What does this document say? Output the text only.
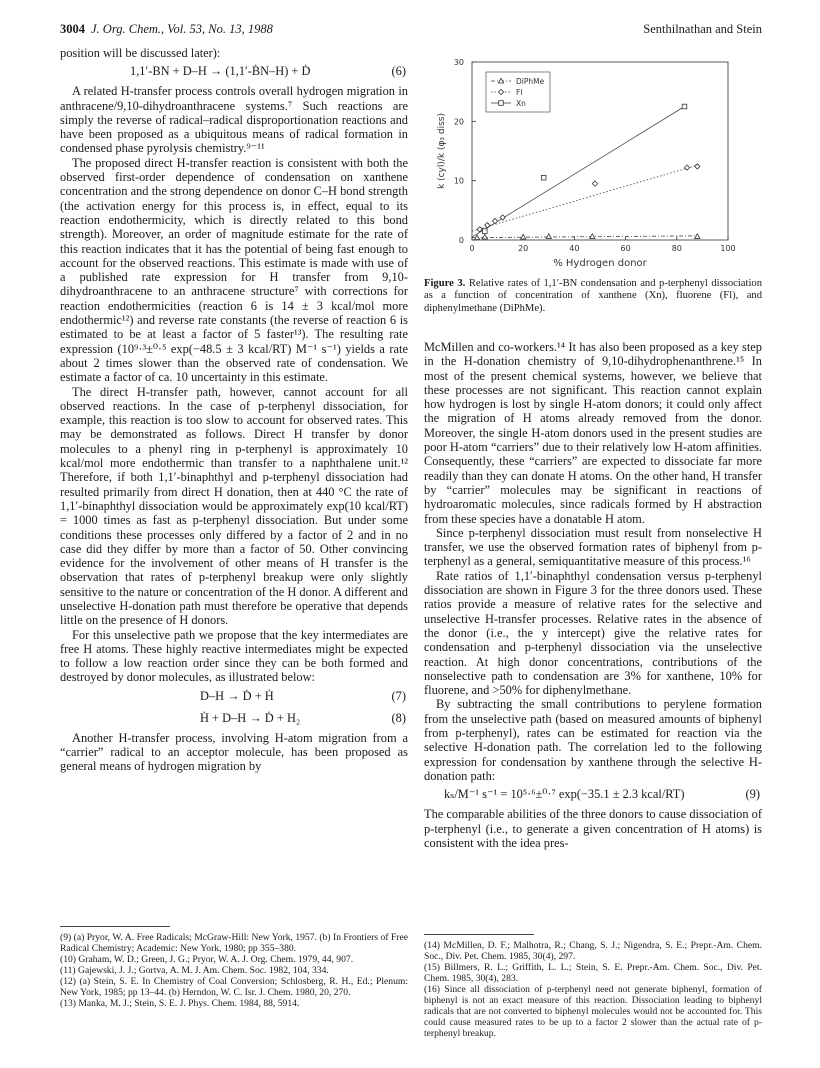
3004 J. Org. Chem., Vol. 53, No. 13, 1988	Senthilnathan and Stein

position will be discussed later):

1,1′-BN + D–H → (1,1′-ḂN–H) + Ḋ	(6)

A related H-transfer process controls overall hydrogen migration in anthracene/9,10-dihydroanthracene systems.⁷ Such reactions are simply the reverse of radical–radical disproportionation reactions and have been proposed as a ubiquitous means of radical formation in condensed phase pyrolysis chemistry.⁹⁻¹¹

The proposed direct H-transfer reaction is consistent with both the observed first-order dependence of condensation on xanthene concentration and the strong dependence on donor C–H bond strength (the activation energy for this process is, in effect, equal to its reaction endothermicity, which is directly related to this bond strength). Moreover, an order of magnitude estimate for the rate of this reaction indicates that it has the potential of being fast enough to account for the observed reactions. This estimate is made with use of a published rate expression for H transfer from 9,10-dihydroanthracene to an anthracene structure⁷ with corrections for reaction endothermicities (reaction 6 is 14 ± 3 kcal/mol more endothermic¹²) and reverse rate constants (the reverse of reaction 6 is estimated to be at least a factor of 5 faster¹³). The resulting rate expression (10⁹·³±⁰·⁵ exp(−48.5 ± 3 kcal/RT) M⁻¹ s⁻¹) yields a rate about 2 times slower than the observed rate of condensation. We estimate a factor of ca. 10 uncertainty in this estimate.

The direct H-transfer path, however, cannot account for all observed reactions. In the case of p-terphenyl dissociation, for example, this reaction is too slow to account for observed rates. This may be demonstrated as follows. Direct H transfer by donor molecules to a phenyl ring in p-terphenyl is approximately 10 kcal/mol more endothermic than transfer to a naphthalene unit.¹² Therefore, if both 1,1′-binaphthyl and p-terphenyl dissociation had resulted primarily from direct H donation, then at 440 °C the rate of 1,1′-binaphthyl dissociation would be approximately exp(10 kcal/RT) = 1000 times as fast as p-terphenyl dissociation. But under some conditions these processes only differed by a factor of 2 and in no case did they differ by more than a factor of 50. Other convincing evidence for the involvement of other means of H transfer is the observation that rates of p-terphenyl breakup were only slightly sensitive to the nature or concentration of the H donor. A different and unselective H-donation path must therefore be operative that depends little on the presence of H donors.

For this unselective path we propose that the key intermediates are free H atoms. These highly reactive intermediates might be expected to follow a low reaction order since they can be both formed and destroyed by donor molecules, as illustrated below:

D–H → Ḋ + Ḣ	(7)
Ḣ + D–H → Ḋ + H₂	(8)

Another H-transfer process, involving H-atom migration from a “carrier” radical to an acceptor molecule, has been proposed as general means of hydrogen migration by

(9) (a) Pryor, W. A. Free Radicals; McGraw-Hill: New York, 1957. (b) In Frontiers of Free Radical Chemistry; Academic: New York, 1980; pp 355–380.
(10) Graham, W. D.; Green, J. G.; Pryor, W. A. J. Org. Chem. 1979, 44, 907.
(11) Gajewski, J. J.; Gortva, A. M. J. Am. Chem. Soc. 1982, 104, 334.
(12) (a) Stein, S. E. In Chemistry of Coal Conversion; Schlosberg, R. H., Ed.; Plenum: New York, 1985; pp 13–44. (b) Herndon, W. C. Isr. J. Chem. 1980, 20, 270.
(13) Manka, M. J.; Stein, S. E. J. Phys. Chem. 1984, 88, 5914.
0	20	40	60	80	100
0
10
20
30
% Hydrogen donor
k (cyl)/k (φ₃ diss)
DiPhMe
Fl
Xn
Figure 3. Relative rates of 1,1′-BN condensation and p-terphenyl dissociation as a function of concentration of xanthene (Xn), fluorene (Fl), and diphenylmethane (DiPhMe).

McMillen and co-workers.¹⁴ It has also been proposed as a key step in the H-donation chemistry of 9,10-dihydrophenanthrene.¹⁵ In most of the present chemical systems, however, we believe that these processes are not significant. This reaction cannot explain how hydrogen is lost by single H-atom donors; it could only affect the migration of H atoms already removed from the donor. Moreover, the single H-atom donors used in the present studies are poor H-atom “carriers” due to their relatively low H-atom affinities. Consequently, these “carriers” are expected to dissociate far more readily than they can donate H atoms. On the other hand, H transfer by “carrier” molecules may be significant in reactions of hydroaromatic molecules, since radicals formed by H abstraction from these species have a donatable H atom.

Since p-terphenyl dissociation must result from nonselective H transfer, we use the observed formation rates of biphenyl from p-terphenyl as a general, semiquantitative measure of this process.¹⁶

Rate ratios of 1,1′-binaphthyl condensation versus p-terphenyl dissociation are shown in Figure 3 for the three donors used. These ratios provide a measure of relative rates for the selective and unselective H-transfer processes. Relative rates in the absence of the donor (i.e., the y intercept) give the relative rates for condensation and p-terphenyl dissociation via the unselective reaction. At high donor concentrations, contributions of the nonselective path to condensation are 3% for xanthene, 10% for fluorene, and >50% for diphenylmethane.

By subtracting the small contributions to perylene formation from the unselective path (based on measured amounts of biphenyl from p-terphenyl), rates can be estimated for reaction via the selective H-donation path. The correlation led to the following expression for condensation by xanthene through the selective H-donation path:

kₛ/M⁻¹ s⁻¹ = 10⁵·⁶±⁰·⁷ exp(−35.1 ± 2.3 kcal/RT)	(9)

The comparable abilities of the three donors to cause dissociation of p-terphenyl (i.e., to generate a given concentration of H atoms) is consistent with the idea pres-

(14) McMillen, D. F.; Malhotra, R.; Chang, S. J.; Nigendra, S. E.; Prepr.-Am. Chem. Soc., Div. Pet. Chem. 1985, 30(4), 297.
(15) Billmers, R. L.; Griffith, L. L.; Stein, S. E. Prepr.-Am. Chem. Soc., Div. Pet. Chem. 1985, 30(4), 283.
(16) Since all dissociation of p-terphenyl need not generate biphenyl, formation of biphenyl is not an exact measure of this reaction. Dissociation leading to biphenyl radicals that are not converted to biphenyl molecules would not be accounted for. This could cause measured rates to be up to a factor 2 slower than the actual rate of p-terphenyl breakup.
